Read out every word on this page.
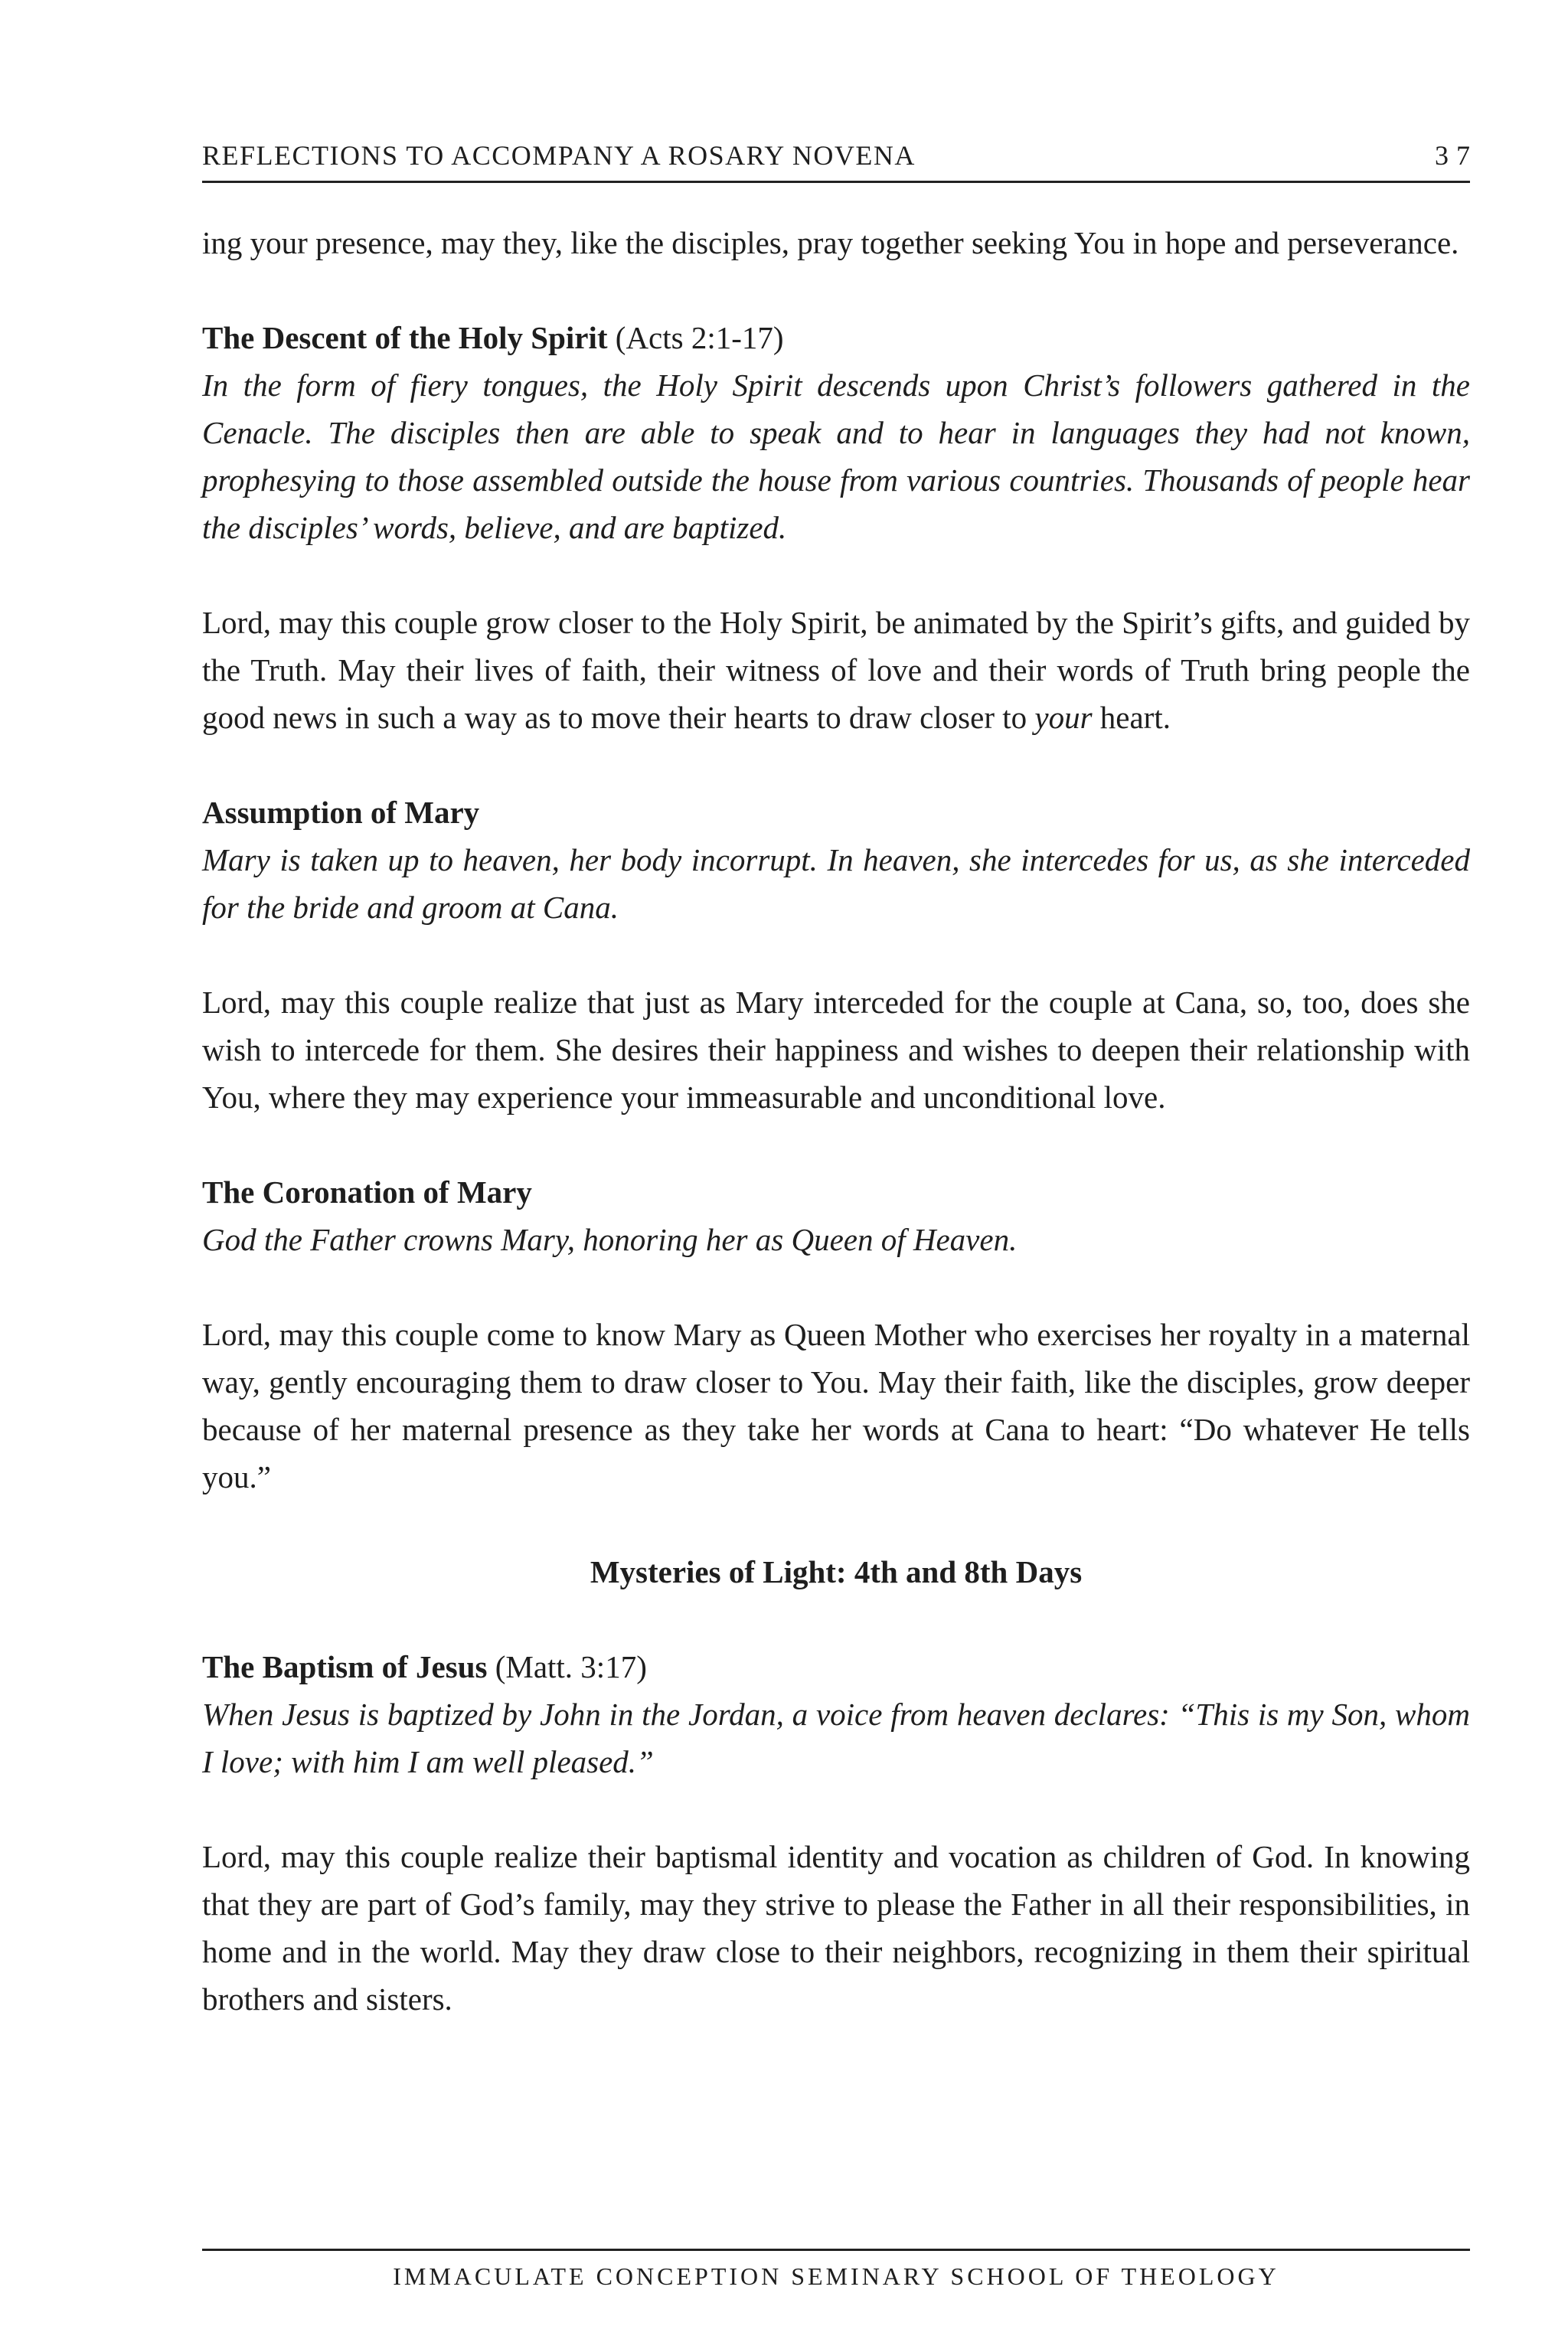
REFLECTIONS TO ACCOMPANY A ROSARY NOVENA	37

ing your presence, may they, like the disciples, pray together seeking You in hope and perseverance.

The Descent of the Holy Spirit (Acts 2:1-17)
In the form of fiery tongues, the Holy Spirit descends upon Christ’s followers gathered in the Cenacle. The disciples then are able to speak and to hear in languages they had not known, prophesying to those assembled outside the house from various countries. Thousands of people hear the disciples’ words, believe, and are baptized.

Lord, may this couple grow closer to the Holy Spirit, be animated by the Spirit’s gifts, and guided by the Truth. May their lives of faith, their witness of love and their words of Truth bring people the good news in such a way as to move their hearts to draw closer to your heart.

Assumption of Mary
Mary is taken up to heaven, her body incorrupt. In heaven, she intercedes for us, as she interceded for the bride and groom at Cana.

Lord, may this couple realize that just as Mary interceded for the couple at Cana, so, too, does she wish to intercede for them. She desires their happiness and wishes to deepen their relationship with You, where they may experience your immeasurable and unconditional love.

The Coronation of Mary
God the Father crowns Mary, honoring her as Queen of Heaven.

Lord, may this couple come to know Mary as Queen Mother who exercises her royalty in a maternal way, gently encouraging them to draw closer to You. May their faith, like the disciples, grow deeper because of her maternal presence as they take her words at Cana to heart: “Do whatever He tells you.”

Mysteries of Light: 4th and 8th Days
The Baptism of Jesus (Matt. 3:17)
When Jesus is baptized by John in the Jordan, a voice from heaven declares: “This is my Son, whom I love; with him I am well pleased.”

Lord, may this couple realize their baptismal identity and vocation as children of God. In knowing that they are part of God’s family, may they strive to please the Father in all their responsibilities, in home and in the world. May they draw close to their neighbors, recognizing in them their spiritual brothers and sisters.

IMMACULATE CONCEPTION SEMINARY SCHOOL OF THEOLOGY
